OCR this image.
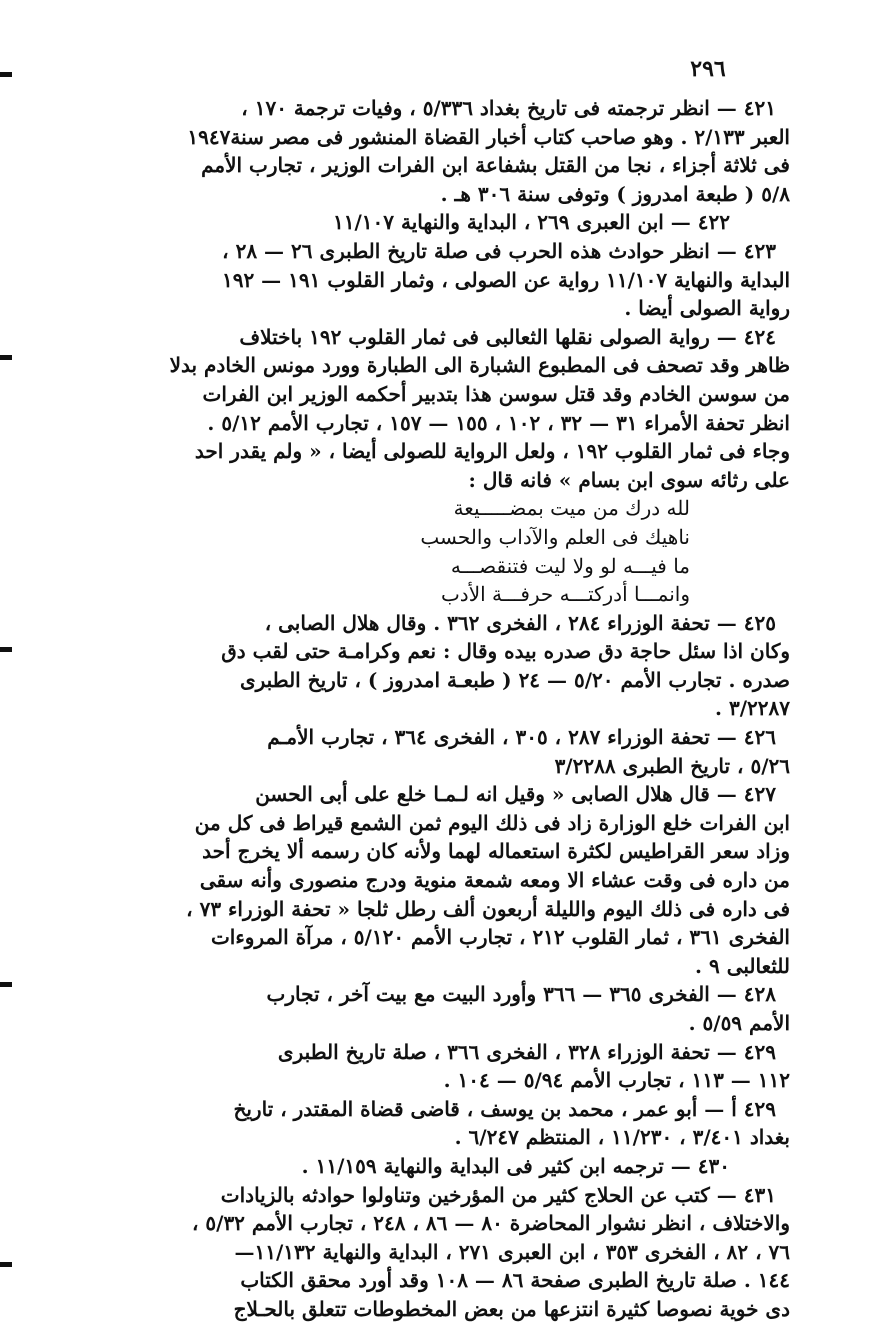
٢٩٦
٤٢١ — انظر ترجمته فى تاريخ بغداد ٥/٣٣٦ ، وفيات ترجمة ١٧٠ ،
العبر ٢/١٣٣ . وهو صاحب كتاب أخبار القضاة المنشور فى مصر سنة١٩٤٧
فى ثلاثة أجزاء ، نجا من القتل بشفاعة ابن الفرات الوزير ، تجارب الأمم
٥/٨ ( طبعة امدروز ) وتوفى سنة ٣٠٦ هـ .
٤٢٢ — ابن العبرى ٢٦٩ ، البداية والنهاية ١١/١٠٧
٤٢٣ — انظر حوادث هذه الحرب فى صلة تاريخ الطبرى ٢٦ — ٢٨ ،
البداية والنهاية ١١/١٠٧ رواية عن الصولى ، وثمار القلوب ١٩١ — ١٩٢
رواية الصولى أيضا .
٤٢٤ — رواية الصولى نقلها الثعالبى فى ثمار القلوب ١٩٢ باختلاف
ظاهر وقد تصحف فى المطبوع الشبارة الى الطبارة وورد مونس الخادم بدلا
من سوسن الخادم وقد قتل سوسن هذا بتدبير أحكمه الوزير ابن الفرات
انظر تحفة الأمراء ٣١ — ٣٢ ، ١٠٢ ، ١٥٥ — ١٥٧ ، تجارب الأمم ٥/١٢ .
وجاء فى ثمار القلوب ١٩٢ ، ولعل الرواية للصولى أيضا ، « ولم يقدر احد
على رثائه سوى ابن بسام » فانه قال :
لله درك من ميت بمضـــــيعة
ناهيك فى العلم والآداب والحسب
ما فيـــه لو ولا ليت فتنقصـــه
وانمـــا أدركتـــه حرفـــة الأدب
٤٢٥ — تحفة الوزراء ٢٨٤ ، الفخرى ٣٦٢ . وقال هلال الصابى ،
وكان اذا سئل حاجة دق صدره بيده وقال : نعم وكرامـة حتى لقب دق
صدره . تجارب الأمم ٥/٢٠ — ٢٤ ( طبعـة امدروز ) ، تاريخ الطبرى
٣/٢٢٨٧ .
٤٢٦ — تحفة الوزراء ٢٨٧ ، ٣٠٥ ، الفخرى ٣٦٤ ، تجارب الأمـم
٥/٢٦ ، تاريخ الطبرى ٣/٢٢٨٨
٤٢٧ — قال هلال الصابى « وقيل انه لـمـا خلع على أبى الحسن
ابن الفرات خلع الوزارة زاد فى ذلك اليوم ثمن الشمع قيراط فى كل من
وزاد سعر القراطيس لكثرة استعماله لهما ولأنه كان رسمه ألا يخرج أحد
من داره فى وقت عشاء الا ومعه شمعة منوية ودرج منصورى وأنه سقى
فى داره فى ذلك اليوم والليلة أربعون ألف رطل ثلجا « تحفة الوزراء ٧٣ ،
الفخرى ٣٦١ ، ثمار القلوب ٢١٢ ، تجارب الأمم ٥/١٢٠ ، مرآة المروءات
للثعالبى ٩ .
٤٢٨ — الفخرى ٣٦٥ — ٣٦٦ وأورد البيت مع بيت آخر ، تجارب
الأمم ٥/٥٩ .
٤٢٩ — تحفة الوزراء ٣٢٨ ، الفخرى ٣٦٦ ، صلة تاريخ الطبرى
١١٢ — ١١٣ ، تجارب الأمم ٥/٩٤ — ١٠٤ .
٤٢٩ أ — أبو عمر ، محمد بن يوسف ، قاضى قضاة المقتدر ، تاريخ
بغداد ٣/٤٠١ ، ١١/٢٣٠ ، المنتظم ٦/٢٤٧ .
٤٣٠ — ترجمه ابن كثير فى البداية والنهاية ١١/١٥٩ .
٤٣١ — كتب عن الحلاج كثير من المؤرخين وتناولوا حوادثه بالزيادات
والاختلاف ، انظر نشوار المحاضرة ٨٠ — ٨٦ ، ٢٤٨ ، تجارب الأمم ٥/٣٢ ،
٧٦ ، ٨٢ ، الفخرى ٣٥٣ ، ابن العبرى ٢٧١ ، البداية والنهاية ١١/١٣٢—
١٤٤ . صلة تاريخ الطبرى صفحة ٨٦ — ١٠٨ وقد أورد محقق الكتاب
دى خوية نصوصا كثيرة انتزعها من بعض المخطوطات تتعلق بالحـلاج
